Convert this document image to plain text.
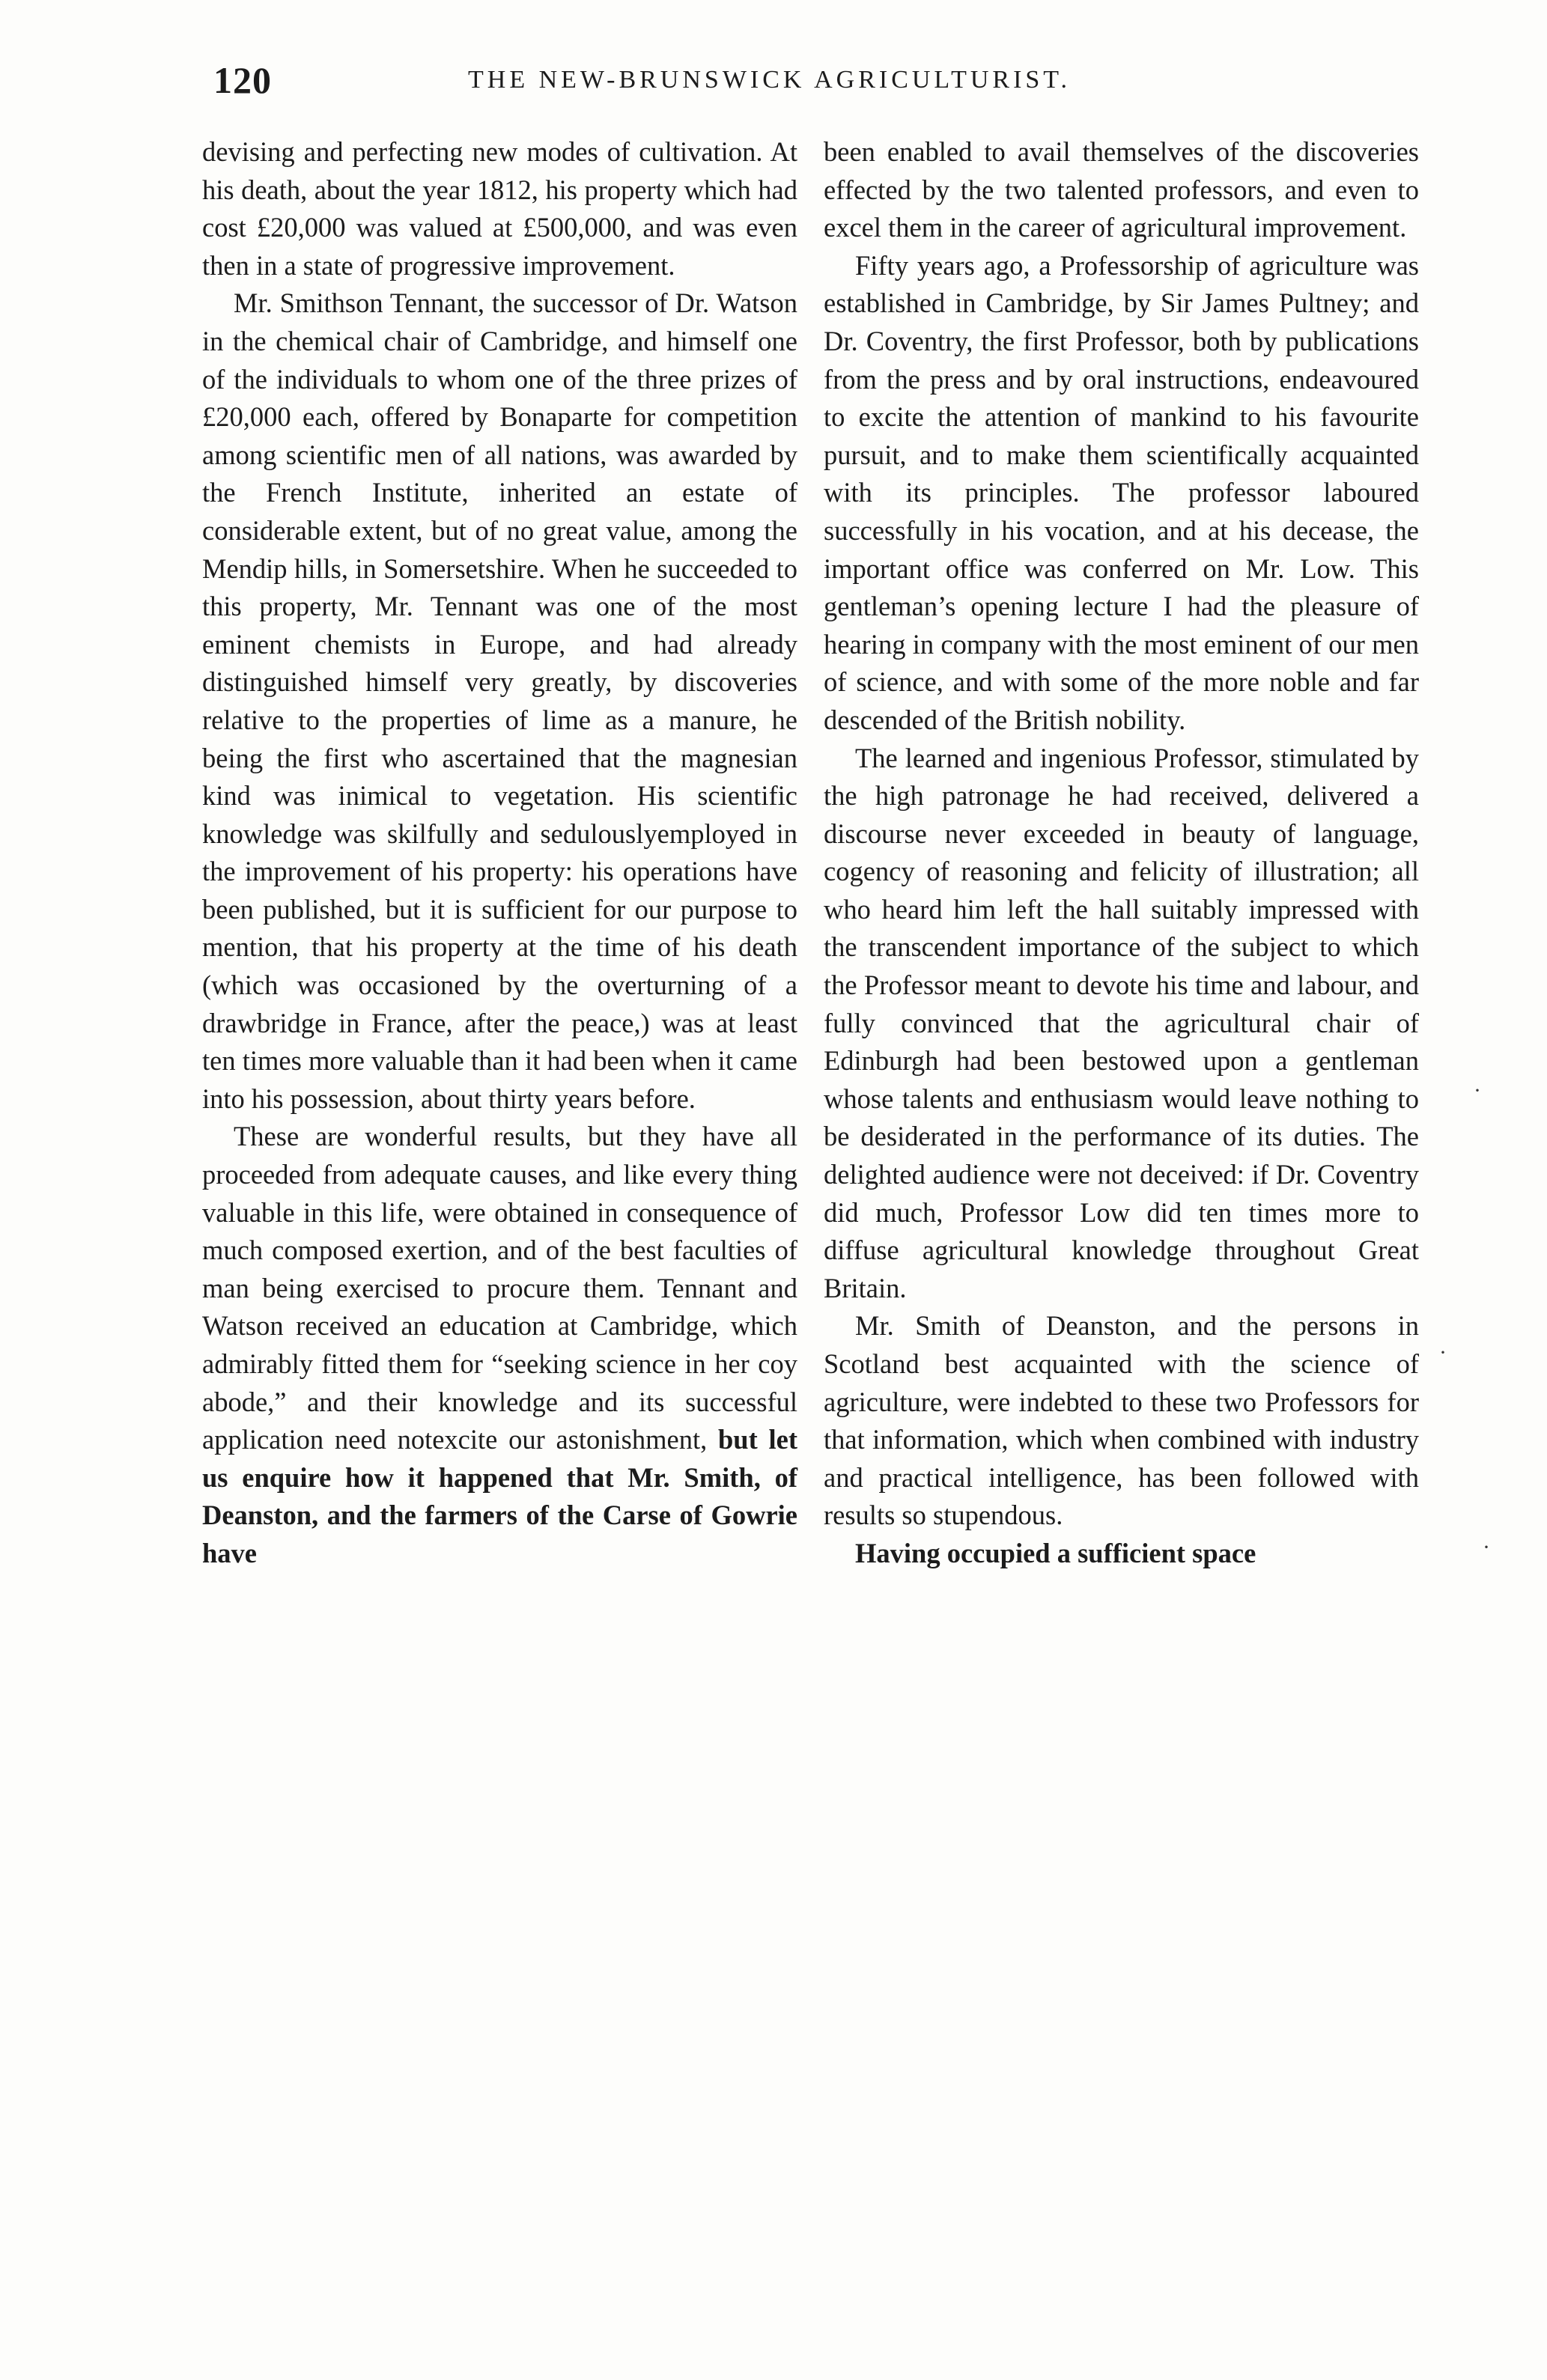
120	THE NEW-BRUNSWICK AGRICULTURIST.

devising and perfecting new modes of cultivation. At his death, about the year 1812, his property which had cost £20,000 was valued at £500,000, and was even then in a state of progressive improvement.

Mr. Smithson Tennant, the successor of Dr. Watson in the chemical chair of Cambridge, and himself one of the individuals to whom one of the three prizes of £20,000 each, offered by Bonaparte for competition among scientific men of all nations, was awarded by the French Institute, inherited an estate of considerable extent, but of no great value, among the Mendip hills, in Somersetshire. When he succeeded to this property, Mr. Tennant was one of the most eminent chemists in Europe, and had already distinguished himself very greatly, by discoveries relative to the properties of lime as a manure, he being the first who ascertained that the magnesian kind was inimical to vegetation. His scientific knowledge was skilfully and sedulouslyemployed in the improvement of his property: his operations have been published, but it is sufficient for our purpose to mention, that his property at the time of his death (which was occasioned by the overturning of a drawbridge in France, after the peace,) was at least ten times more valuable than it had been when it came into his possession, about thirty years before.

These are wonderful results, but they have all proceeded from adequate causes, and like every thing valuable in this life, were obtained in consequence of much composed exertion, and of the best faculties of man being exercised to procure them. Tennant and Watson received an education at Cambridge, which admirably fitted them for “seeking science in her coy abode,” and their knowledge and its successful application need notexcite our astonishment, but let us enquire how it happened that Mr. Smith, of Deanston, and the farmers of the Carse of Gowrie have

been enabled to avail themselves of the discoveries effected by the two talented professors, and even to excel them in the career of agricultural improvement.

Fifty years ago, a Professorship of agriculture was established in Cambridge, by Sir James Pultney; and Dr. Coventry, the first Professor, both by publications from the press and by oral instructions, endeavoured to excite the attention of mankind to his favourite pursuit, and to make them scientifically acquainted with its principles. The professor laboured successfully in his vocation, and at his decease, the important office was conferred on Mr. Low. This gentleman’s opening lecture I had the pleasure of hearing in company with the most eminent of our men of science, and with some of the more noble and far descended of the British nobility.

The learned and ingenious Professor, stimulated by the high patronage he had received, delivered a discourse never exceeded in beauty of language, cogency of reasoning and felicity of illustration; all who heard him left the hall suitably impressed with the transcendent importance of the subject to which the Professor meant to devote his time and labour, and fully convinced that the agricultural chair of Edinburgh had been bestowed upon a gentleman whose talents and enthusiasm would leave nothing to be desiderated in the performance of its duties. The delighted audience were not deceived: if Dr. Coventry did much, Professor Low did ten times more to diffuse agricultural knowledge throughout Great Britain.

Mr. Smith of Deanston, and the persons in Scotland best acquainted with the science of agriculture, were indebted to these two Professors for that information, which when combined with industry and practical intelligence, has been followed with results so stupendous.

Having occupied a sufficient space

·
·
·
